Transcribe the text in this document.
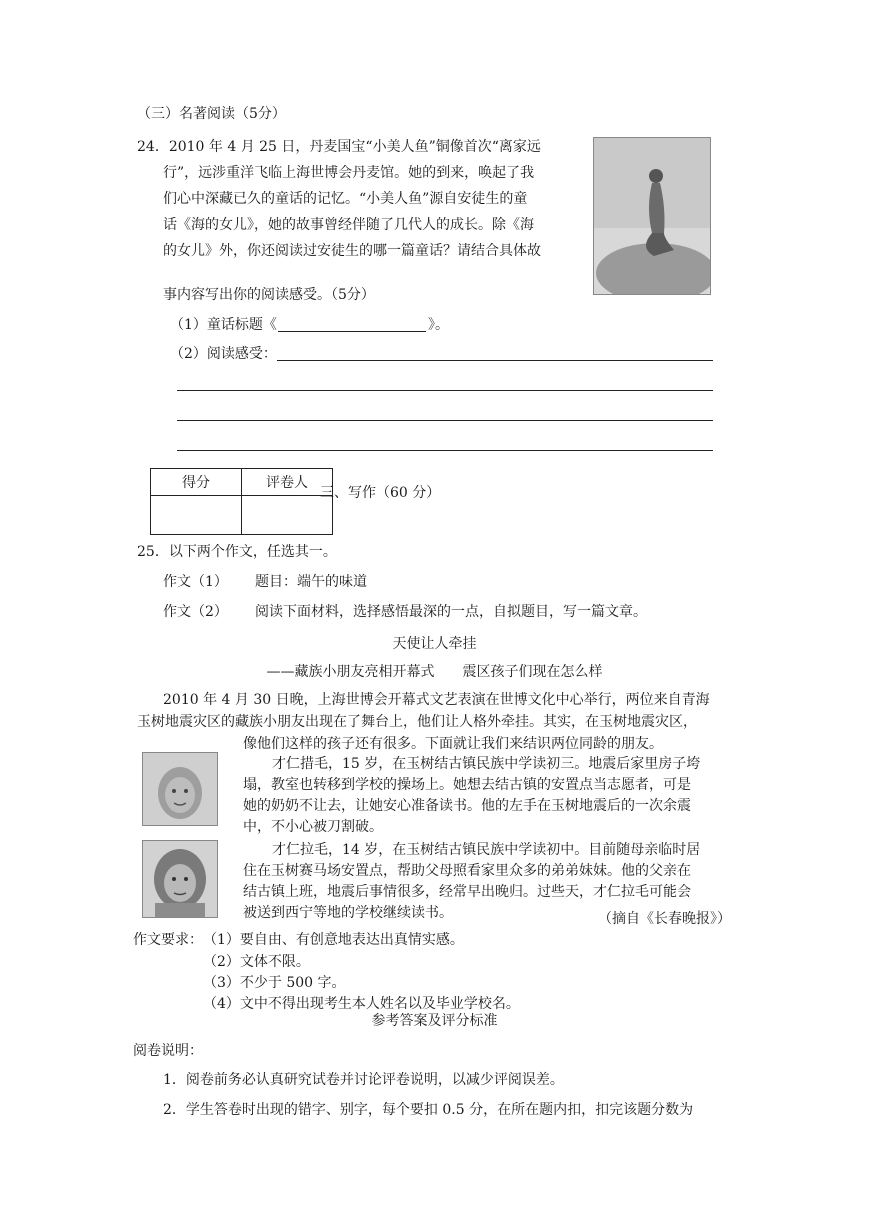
（三）名著阅读（5分）
24．2010 年 4 月 25 日，丹麦国宝“小美人鱼”铜像首次“离家远
行”，远涉重洋飞临上海世博会丹麦馆。她的到来，唤起了我
们心中深藏已久的童话的记忆。“小美人鱼”源自安徒生的童
话《海的女儿》，她的故事曾经伴随了几代人的成长。除《海
的女儿》外，你还阅读过安徒生的哪一篇童话？请结合具体故
事内容写出你的阅读感受。（5分）
（1）童话标题《	》。
（2）阅读感受：
得分	评卷人

三、写作（60 分）
25．以下两个作文，任选其一。
作文（1） 题目：端午的味道
作文（2） 阅读下面材料，选择感悟最深的一点，自拟题目，写一篇文章。
天使让人牵挂
——藏族小朋友亮相开幕式　　震区孩子们现在怎么样
2010 年 4 月 30 日晚，上海世博会开幕式文艺表演在世博文化中心举行，两位来自青海
玉树地震灾区的藏族小朋友出现在了舞台上，他们让人格外牵挂。其实，在玉树地震灾区，
像他们这样的孩子还有很多。下面就让我们来结识两位同龄的朋友。
才仁措毛，15 岁，在玉树结古镇民族中学读初三。地震后家里房子垮
塌，教室也转移到学校的操场上。她想去结古镇的安置点当志愿者，可是
她的奶奶不让去，让她安心准备读书。他的左手在玉树地震后的一次余震
中，不小心被刀割破。
才仁拉毛，14 岁，在玉树结古镇民族中学读初中。目前随母亲临时居
住在玉树赛马场安置点，帮助父母照看家里众多的弟弟妹妹。他的父亲在
结古镇上班，地震后事情很多，经常早出晚归。过些天，才仁拉毛可能会
被送到西宁等地的学校继续读书。	（摘自《长春晚报》）
作文要求： （1）要自由、有创意地表达出真情实感。
（2）文体不限。
（3）不少于 500 字。
（4）文中不得出现考生本人姓名以及毕业学校名。
参考答案及评分标准
阅卷说明：
1．阅卷前务必认真研究试卷并讨论评卷说明，以减少评阅误差。
2．学生答卷时出现的错字、别字，每个要扣 0.5 分，在所在题内扣，扣完该题分数为
